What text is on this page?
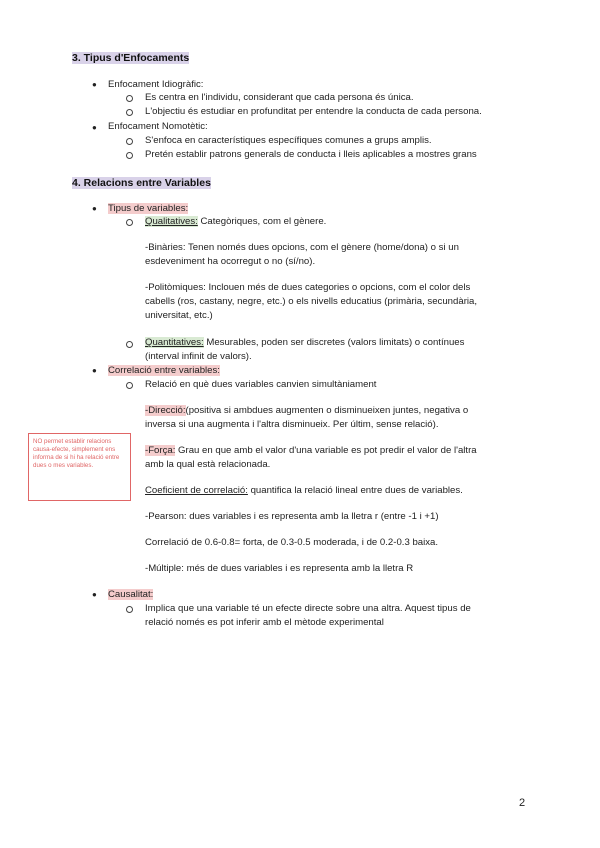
3. Tipus d'Enfocaments
● Enfocament Idiogràfic:
Es centra en l'individu, considerant que cada persona és única.
L'objectiu és estudiar en profunditat per entendre la conducta de cada persona.
● Enfocament Nomotètic:
S'enfoca en característiques específiques comunes a grups amplis.
Pretén establir patrons generals de conducta i lleis aplicables a mostres grans
4. Relacions entre Variables
● Tipus de variables:
Qualitatives: Categòriques, com el gènere.
-Binàries: Tenen només dues opcions, com el gènere (home/dona) o si un
esdeveniment ha ocorregut o no (sí/no).
-Politòmiques: Inclouen més de dues categories o opcions, com el color dels
cabells (ros, castany, negre, etc.) o els nivells educatius (primària, secundària,
universitat, etc.)
Quantitatives: Mesurables, poden ser discretes (valors limitats) o contínues
(interval infinit de valors).
● Correlació entre variables:
Relació en què dues variables canvien simultàniament
-Direcció:(positiva si ambdues augmenten o disminueixen juntes, negativa o
inversa si una augmenta i l'altra disminueix. Per últim, sense relació).
-Força: Grau en que amb el valor d'una variable es pot predir el valor de l'altra
amb la qual està relacionada.
Coeficient de correlació: quantifica la relació lineal entre dues de variables.
-Pearson: dues variables i es representa amb la lletra r (entre -1 i +1)
Correlació de 0.6-0.8= forta, de 0.3-0.5 moderada, i de 0.2-0.3 baixa.
-Múltiple: més de dues variables i es representa amb la lletra R
● Causalitat:
Implica que una variable té un efecte directe sobre una altra. Aquest tipus de
relació només es pot inferir amb el mètode experimental
NO permet establir relacions causa-efecte, simplement ens informa de si hi ha relació entre dues o mes variables.
2
